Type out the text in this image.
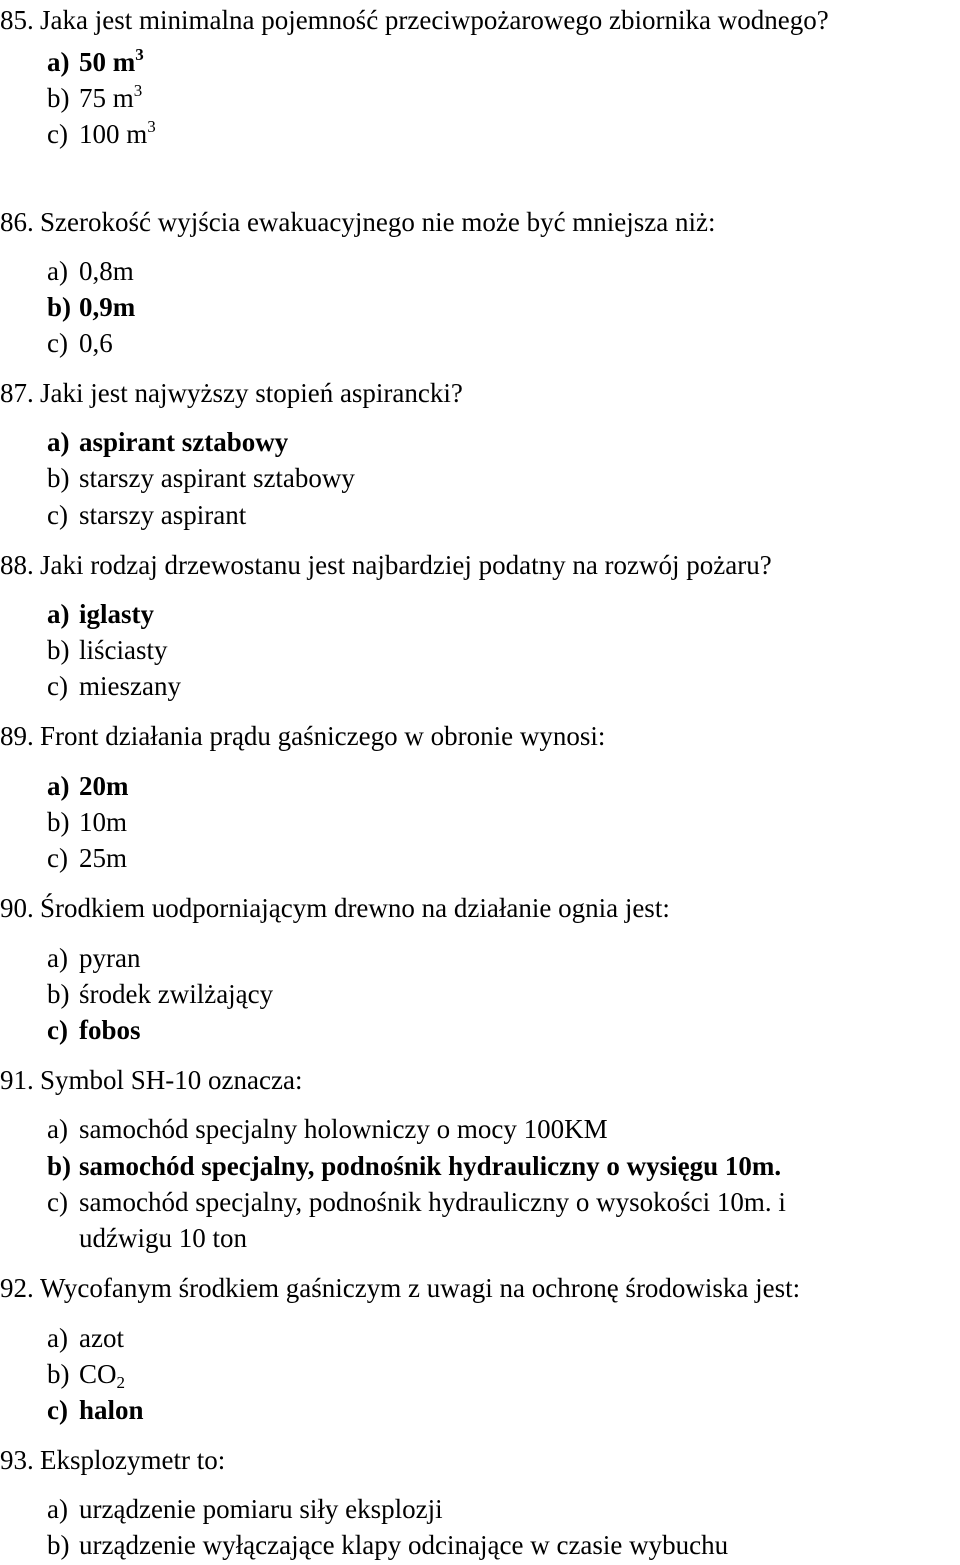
85. Jaka jest minimalna pojemność przeciwpożarowego zbiornika wodnego?
a) 50 $m^3$
b) 75 $m^3$
c) 100 $m^3$
86. Szerokość wyjścia ewakuacyjnego nie może być mniejsza niż:
a) 0,8m
b) 0,9m
c) 0,6
87. Jaki jest najwyższy stopień aspirancki?
a) aspirant sztabowy
b) starszy aspirant sztabowy
c) starszy aspirant
88. Jaki rodzaj drzewostanu jest najbardziej podatny na rozwój pożaru?
a) iglasty
b) liściasty
c) mieszany
89. Front działania prądu gaśniczego w obronie wynosi:
a) 20m
b) 10m
c) 25m
90. Środkiem uodporniającym drewno na działanie ognia jest:
a) pyran
b) środek zwilżający
c) fobos
91. Symbol SH-10 oznacza:
a) samochód specjalny holowniczy o mocy 100KM
b) samochód specjalny, podnośnik hydrauliczny o wysięgu 10m.
c) samochód specjalny, podnośnik hydrauliczny o wysokości 10m. i
udźwigu 10 ton
92. Wycofanym środkiem gaśniczym z uwagi na ochronę środowiska jest:
a) azot
b) $CO_2$
c) halon
93. Eksplozymetr to:
a) urządzenie pomiaru siły eksplozji
b) urządzenie wyłączające klapy odcinające w czasie wybuchu
